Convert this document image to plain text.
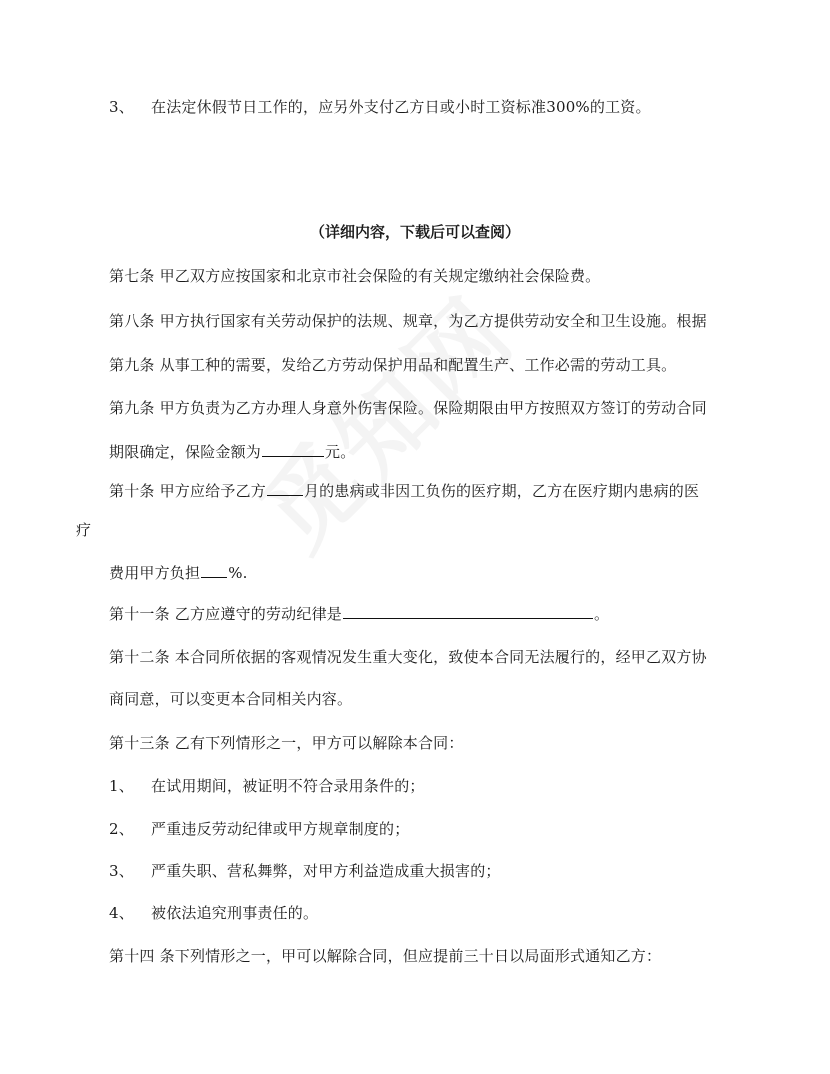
3、 在法定休假节日工作的，应另外支付乙方日或小时工资标准300%的工资。

（详细内容，下载后可以查阅）

第七条 甲乙双方应按国家和北京市社会保险的有关规定缴纳社会保险费。

第八条 甲方执行国家有关劳动保护的法规、规章，为乙方提供劳动安全和卫生设施。根据

第九条 从事工种的需要，发给乙方劳动保护用品和配置生产、工作必需的劳动工具。

第九条 甲方负责为乙方办理人身意外伤害保险。保险期限由甲方按照双方签订的劳动合同

期限确定，保险金额为	元。

第十条 甲方应给予乙方	月的患病或非因工负伤的医疗期，乙方在医疗期内患病的医

疗

费用甲方负担 %.

第十一条 乙方应遵守的劳动纪律是	。

第十二条 本合同所依据的客观情况发生重大变化，致使本合同无法履行的，经甲乙双方协

商同意，可以变更本合同相关内容。

第十三条 乙有下列情形之一，甲方可以解除本合同：

1、 在试用期间，被证明不符合录用条件的；

2、 严重违反劳动纪律或甲方规章制度的；

3、 严重失职、营私舞弊，对甲方利益造成重大损害的；

4、 被依法追究刑事责任的。

第十四 条下列情形之一，甲可以解除合同，但应提前三十日以局面形式通知乙方：
